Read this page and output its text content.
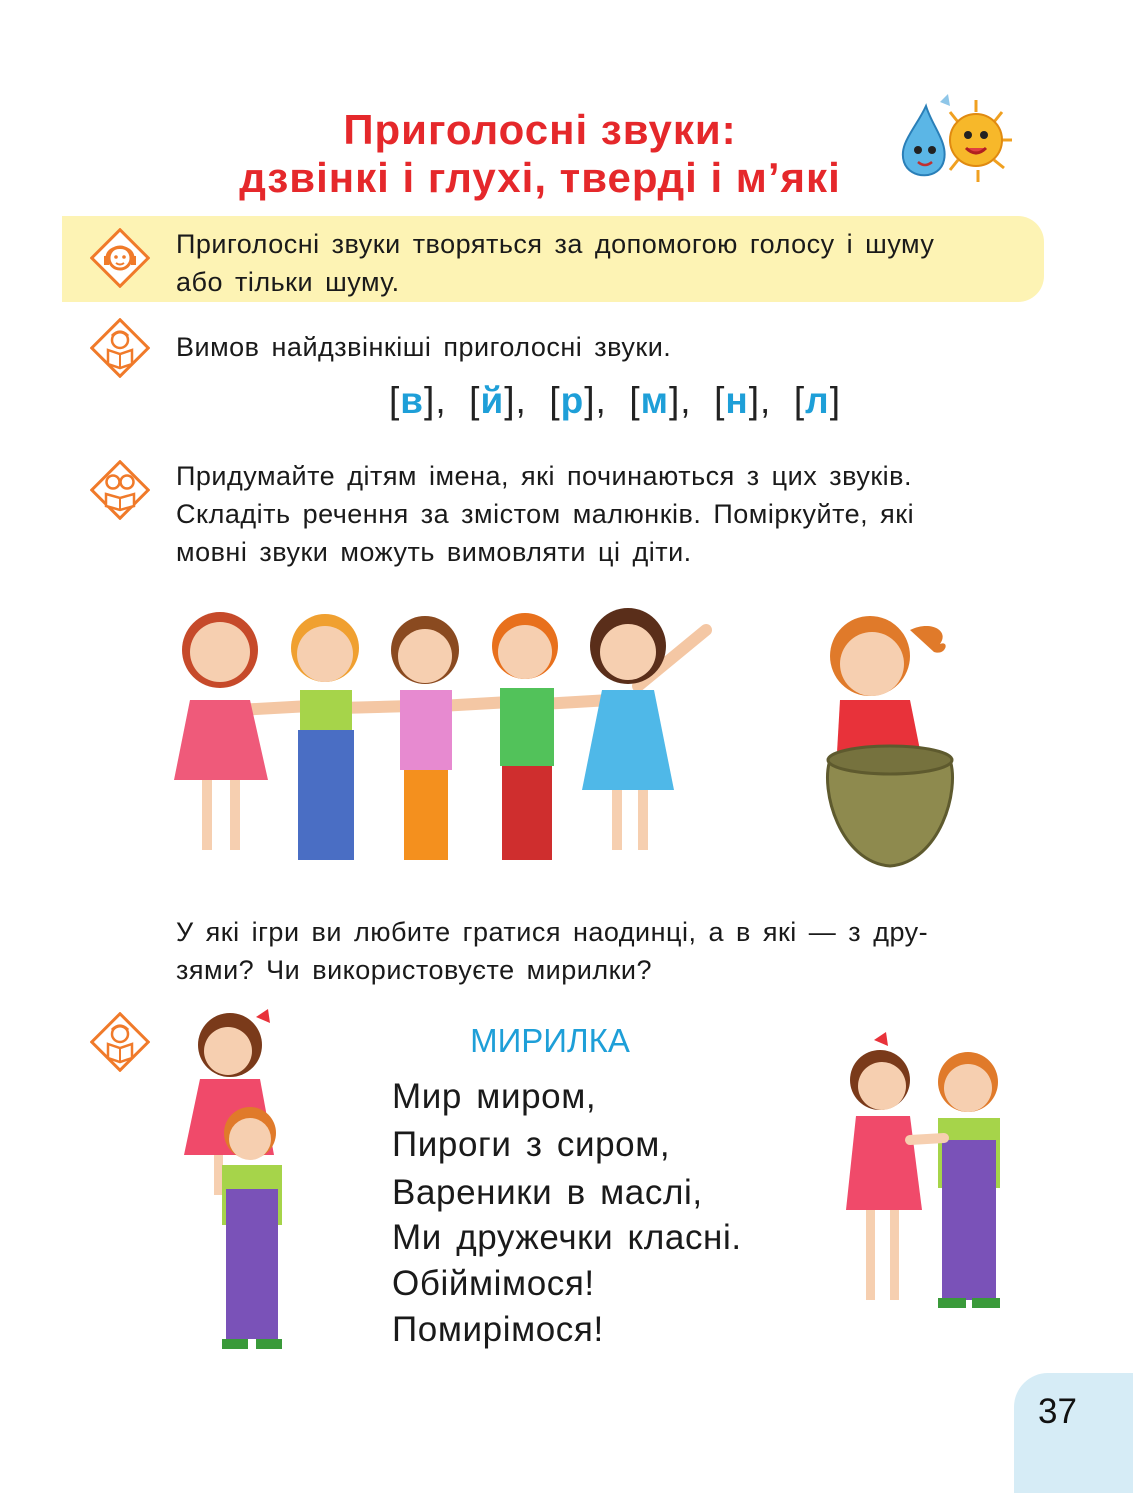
Приголосні звуки:
дзвінкі і глухі, тверді і м’які
Приголосні звуки творяться за допомогою голосу і шуму
або тільки шуму.
Вимов найдзвінкіші приголосні звуки.
[в],  [й],  [р],  [м],  [н],  [л]
Придумайте дітям імена, які починаються з цих звуків.
Складіть речення за змістом малюнків. Поміркуйте, які
мовні звуки можуть вимовляти ці діти.
У які ігри ви любите гратися наодинці, а в які — з дру-
зями? Чи використовуєте мирилки?
МИРИЛКА
Мир миром,
Пироги з сиром,
Вареники в маслі,
Ми дружечки класні.
Обіймімося!
Помирімося!
37
